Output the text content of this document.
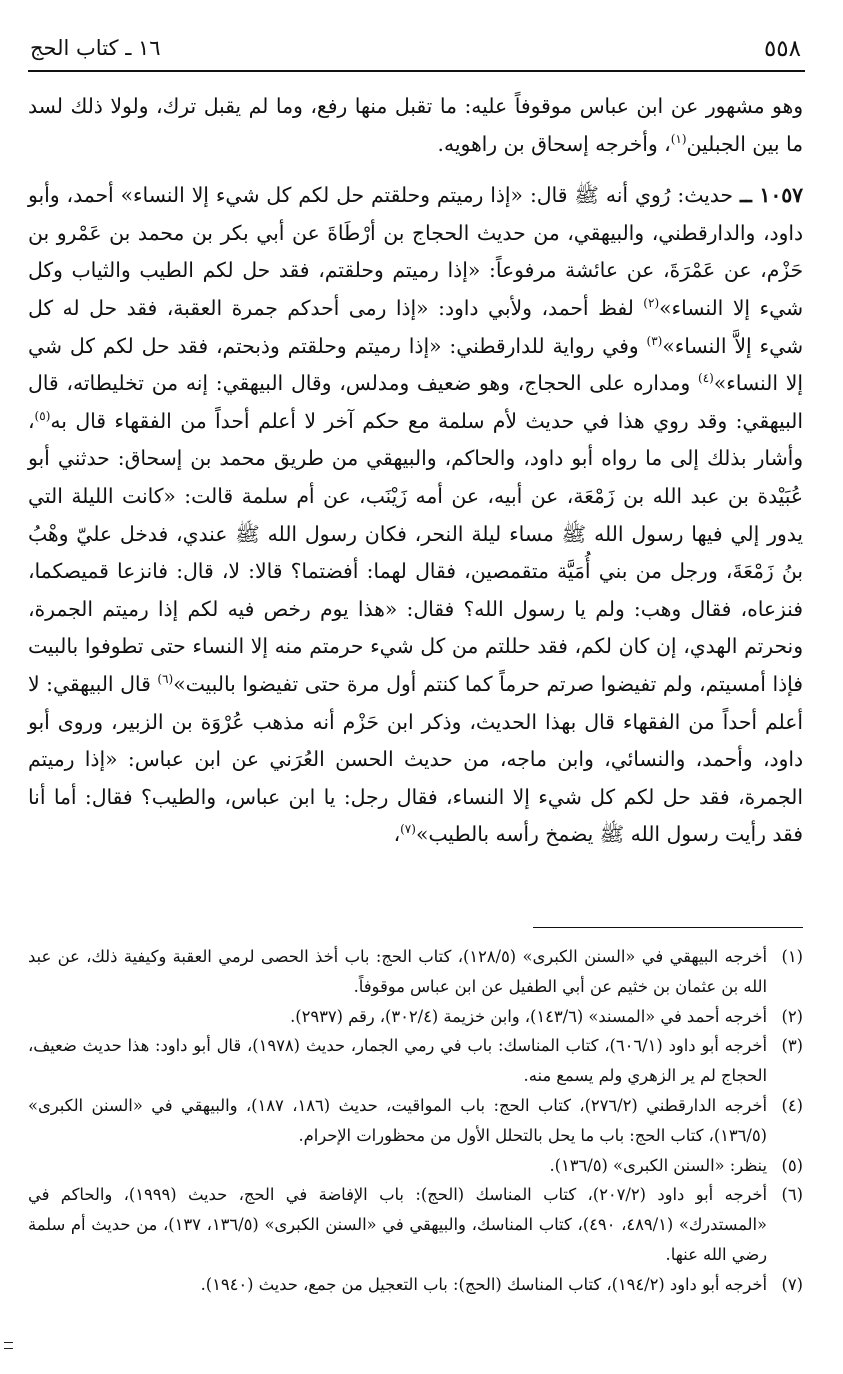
٥٥٨
١٦ ـ كتاب الحج

وهو مشهور عن ابن عباس موقوفاً عليه: ما تقبل منها رفع، وما لم يقبل ترك، ولولا ذلك لسد ما بين الجبلين$^{(١)}$، وأخرجه إسحاق بن راهويه.

١٠٥٧ ــ حديث: رُوي أنه ﷺ قال: «إذا رميتم وحلقتم حل لكم كل شيء إلا النساء» أحمد، وأبو داود، والدارقطني، والبيهقي، من حديث الحجاج بن أرْطَاةَ عن أبي بكر بن محمد بن عَمْرو بن حَزْم، عن عَمْرَةَ، عن عائشة مرفوعاً: «إذا رميتم وحلقتم، فقد حل لكم الطيب والثياب وكل شيء إلا النساء»$^{(٢)}$ لفظ أحمد، ولأبي داود: «إذا رمى أحدكم جمرة العقبة، فقد حل له كل شيء إلاَّ النساء»$^{(٣)}$ وفي رواية للدارقطني: «إذا رميتم وحلقتم وذبحتم، فقد حل لكم كل شي إلا النساء»$^{(٤)}$ ومداره على الحجاج، وهو ضعيف ومدلس، وقال البيهقي: إنه من تخليطاته، قال البيهقي: وقد روي هذا في حديث لأم سلمة مع حكم آخر لا أعلم أحداً من الفقهاء قال به$^{(٥)}$، وأشار بذلك إلى ما رواه أبو داود، والحاكم، والبيهقي من طريق محمد بن إسحاق: حدثني أبو عُبَيْدة بن عبد الله بن زَمْعَة، عن أبيه، عن أمه زَيْنَب، عن أم سلمة قالت: «كانت الليلة التي يدور إلي فيها رسول الله ﷺ مساء ليلة النحر، فكان رسول الله ﷺ عندي، فدخل عليّ وهْبُ بنُ زَمْعَةَ، ورجل من بني أُمَيَّة متقمصين، فقال لهما: أفضتما؟ قالا: لا، قال: فانزعا قميصكما، فنزعاه، فقال وهب: ولم يا رسول الله؟ فقال: «هذا يوم رخص فيه لكم إذا رميتم الجمرة، ونحرتم الهدي، إن كان لكم، فقد حللتم من كل شيء حرمتم منه إلا النساء حتى تطوفوا بالبيت فإذا أمسيتم، ولم تفيضوا صرتم حرماً كما كنتم أول مرة حتى تفيضوا بالبيت»$^{(٦)}$ قال البيهقي: لا أعلم أحداً من الفقهاء قال بهذا الحديث، وذكر ابن حَزْم أنه مذهب عُرْوَة بن الزبير، وروى أبو داود، وأحمد، والنسائي، وابن ماجه، من حديث الحسن العُرَني عن ابن عباس: «إذا رميتم الجمرة، فقد حل لكم كل شيء إلا النساء، فقال رجل: يا ابن عباس، والطيب؟ فقال: أما أنا فقد رأيت رسول الله ﷺ يضمخ رأسه بالطيب»$^{(٧)}$،

(١)
أخرجه البيهقي في «السنن الكبرى» (١٢٨/٥)، كتاب الحج: باب أخذ الحصى لرمي العقبة وكيفية ذلك، عن عبد الله بن عثمان بن خثيم عن أبي الطفيل عن ابن عباس موقوفاً.

(٢)
أخرجه أحمد في «المسند» (١٤٣/٦)، وابن خزيمة (٣٠٢/٤)، رقم (٢٩٣٧).

(٣)
أخرجه أبو داود (٦٠٦/١)، كتاب المناسك: باب في رمي الجمار، حديث (١٩٧٨)، قال أبو داود: هذا حديث ضعيف، الحجاج لم ير الزهري ولم يسمع منه.

(٤)
أخرجه الدارقطني (٢٧٦/٢)، كتاب الحج: باب المواقيت، حديث (١٨٦، ١٨٧)، والبيهقي في «السنن الكبرى» (١٣٦/٥)، كتاب الحج: باب ما يحل بالتحلل الأول من محظورات الإحرام.

(٥)
ينظر: «السنن الكبرى» (١٣٦/٥).

(٦)
أخرجه أبو داود (٢٠٧/٢)، كتاب المناسك (الحج): باب الإفاضة في الحج، حديث (١٩٩٩)، والحاكم في «المستدرك» (٤٨٩/١، ٤٩٠)، كتاب المناسك، والبيهقي في «السنن الكبرى» (١٣٦/٥، ١٣٧)، من حديث أم سلمة رضي الله عنها.

(٧)
أخرجه أبو داود (١٩٤/٢)، كتاب المناسك (الحج): باب التعجيل من جمع، حديث (١٩٤٠).
